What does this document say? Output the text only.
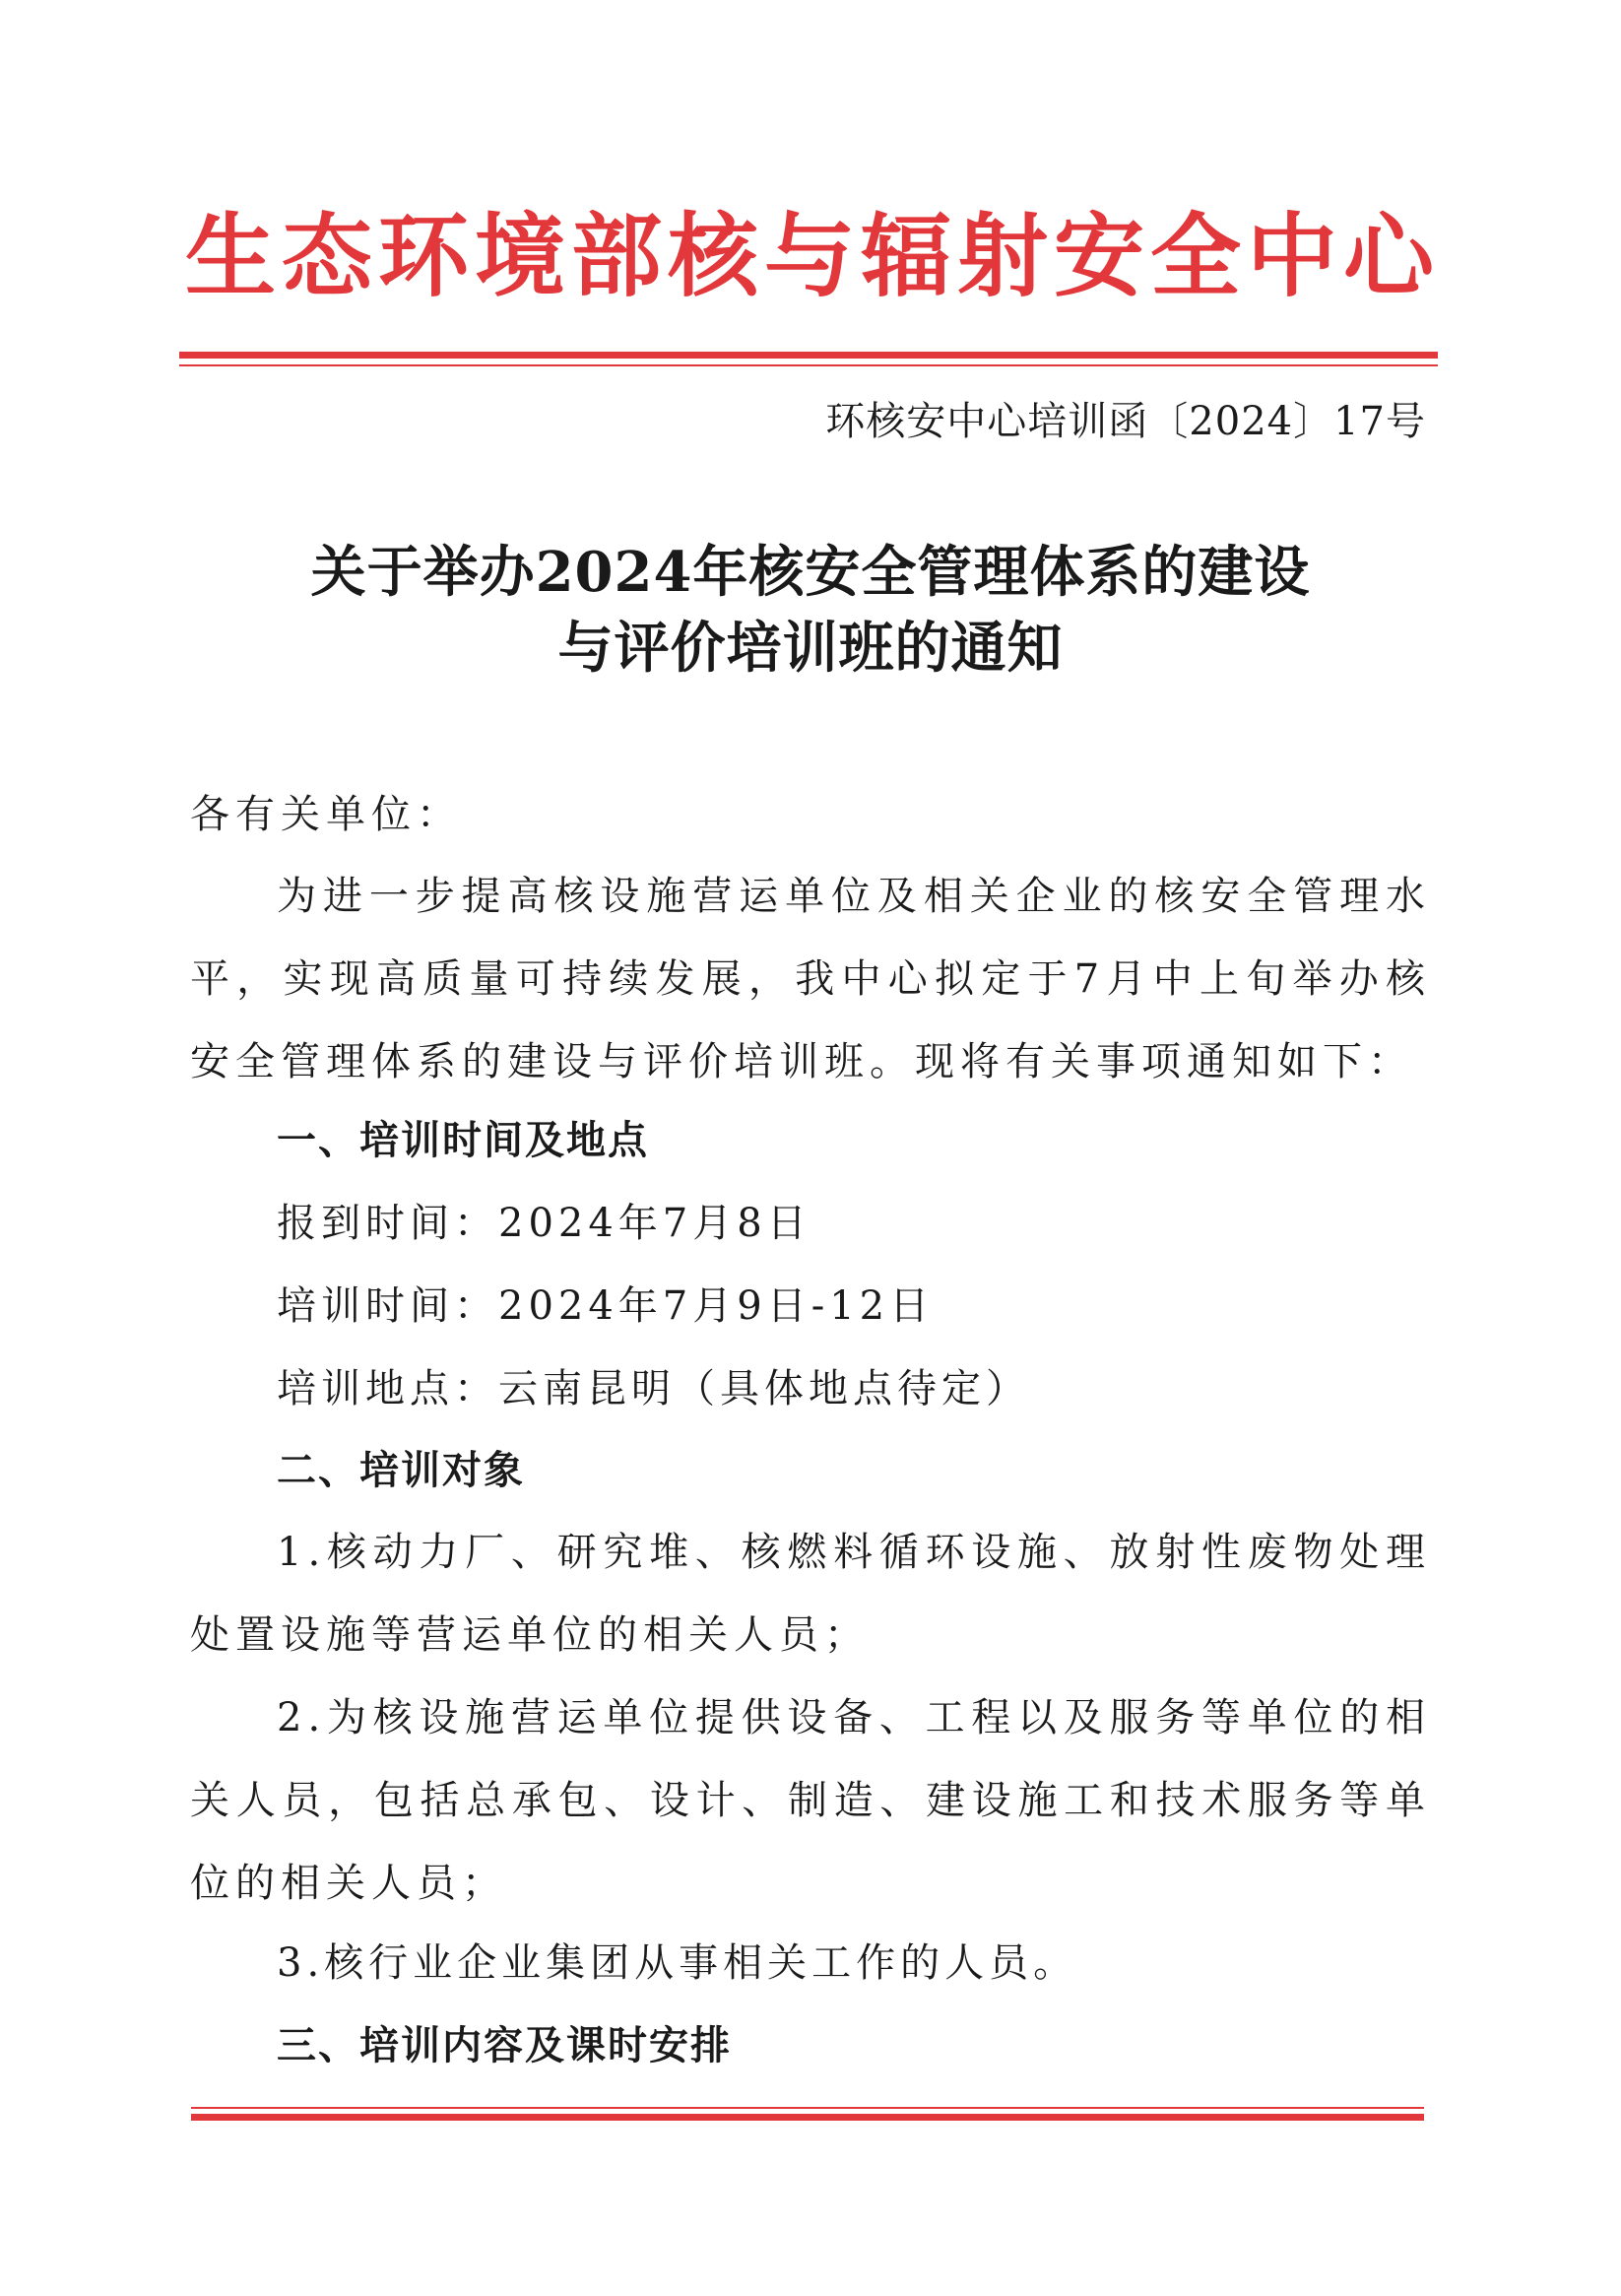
生态环境部核与辐射安全中心
环核安中心培训函〔2024〕17号
关于举办2024年核安全管理体系的建设
与评价培训班的通知
各有关单位：
为进一步提高核设施营运单位及相关企业的核安全管理水平，实现高质量可持续发展，我中心拟定于7月中上旬举办核安全管理体系的建设与评价培训班。现将有关事项通知如下：
一、培训时间及地点
报到时间：2024年7月8日
培训时间：2024年7月9日-12日
培训地点：云南昆明（具体地点待定）
二、培训对象
1.核动力厂、研究堆、核燃料循环设施、放射性废物处理处置设施等营运单位的相关人员；
2.为核设施营运单位提供设备、工程以及服务等单位的相关人员，包括总承包、设计、制造、建设施工和技术服务等单位的相关人员；
3.核行业企业集团从事相关工作的人员。
三、培训内容及课时安排
